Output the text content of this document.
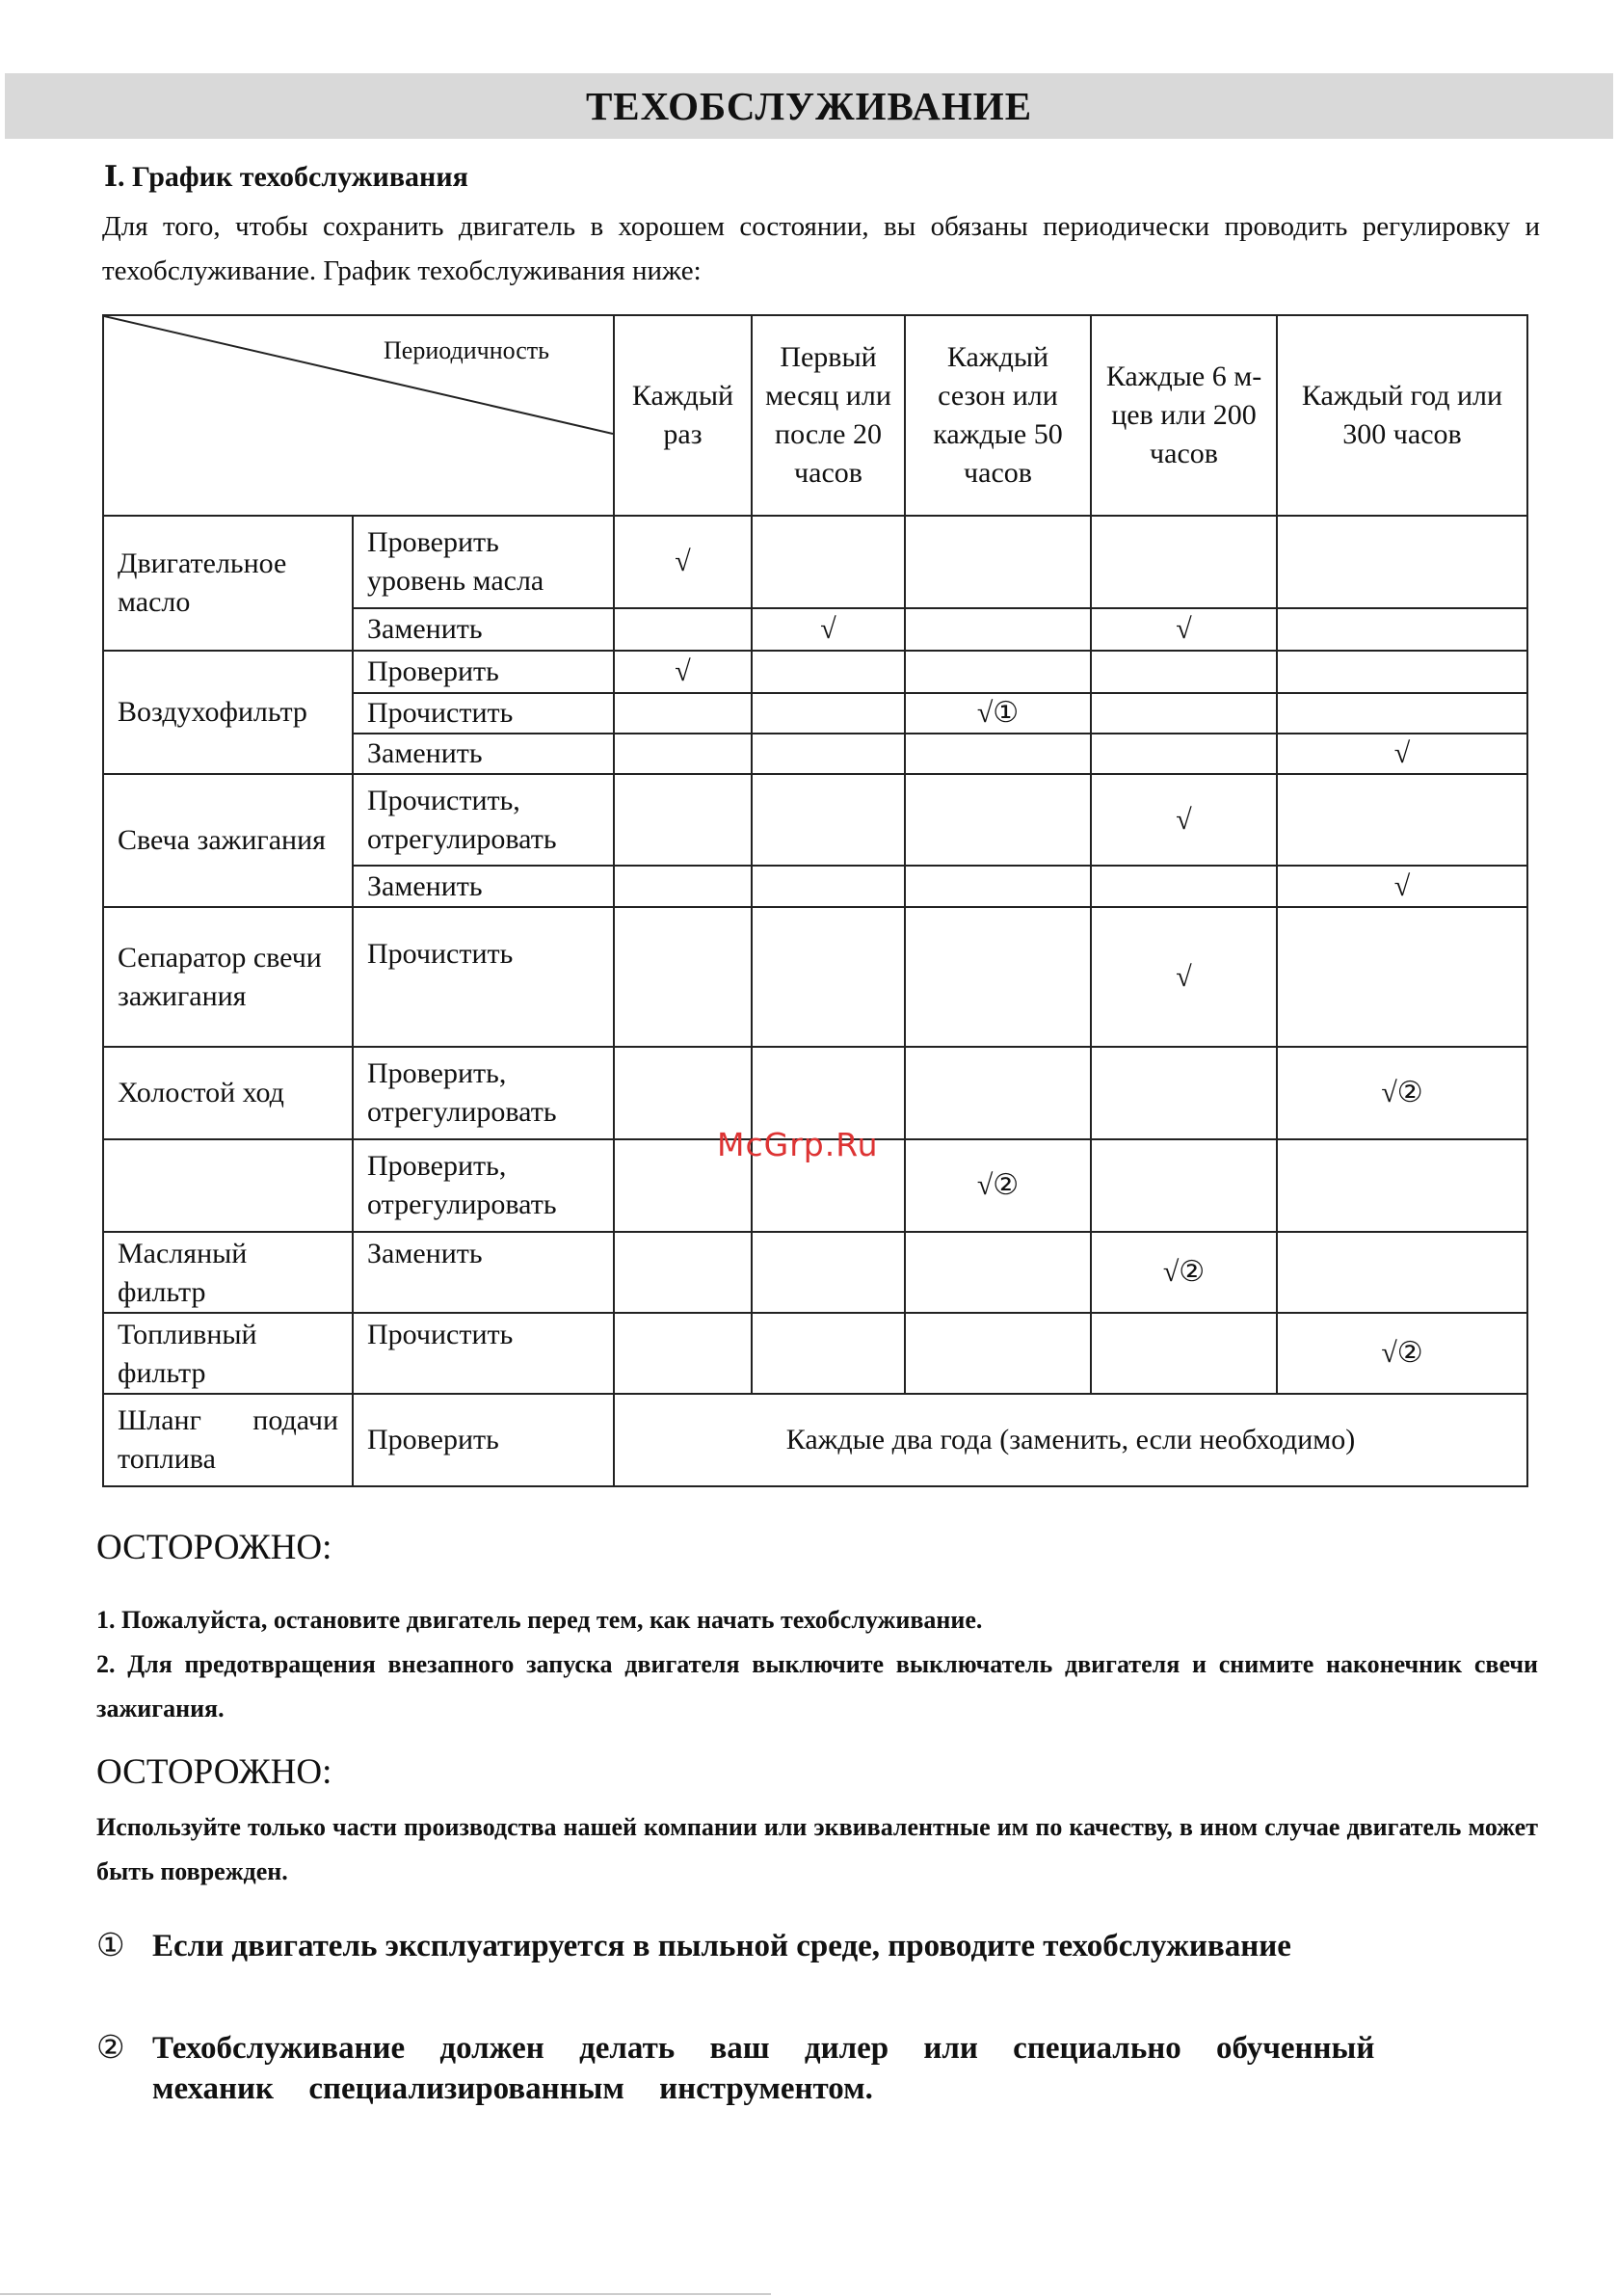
ТЕХОБСЛУЖИВАНИЕ
Ⅰ. График техобслуживания
Для того, чтобы сохранить двигатель в хорошем состоянии, вы обязаны периодически проводить регулировку и техобслуживание. График техобслуживания ниже:
Периодичность		Каждый раз	Первый месяц или после 20 часов	Каждый сезон или каждые 50 часов	Каждые 6 м-цев или 200 часов	Каждый год или 300 часов
Двигательное масло	Проверить уровень масла	√				
	Заменить		√		√	
Воздухофильтр	Проверить	√				
	Прочистить			√①		
	Заменить					√
Свеча зажигания	Прочистить, отрегулировать				√	
	Заменить					√
Сепаратор свечи зажигания	Прочистить				√	
Холостой ход	Проверить, отрегулировать					√②
	Проверить, отрегулировать			√②		
Масляный фильтр	Заменить				√②	
Топливный фильтр	Прочистить					√②
Шланг подачи топлива	Проверить	Каждые два года (заменить, если необходимо)				
McGrp.Ru
ОСТОРОЖНО:
1. Пожалуйста, остановите двигатель перед тем, как начать техобслуживание.
2. Для предотвращения внезапного запуска двигателя выключите выключатель двигателя и снимите наконечник свечи зажигания.
ОСТОРОЖНО:
Используйте только части производства нашей компании или эквивалентные им по качеству, в ином случае двигатель может быть поврежден.
① Если двигатель эксплуатируется в пыльной среде, проводите техобслуживание
② Техобслуживание должен делать ваш дилер или специально обученный механик специализированным инструментом.
